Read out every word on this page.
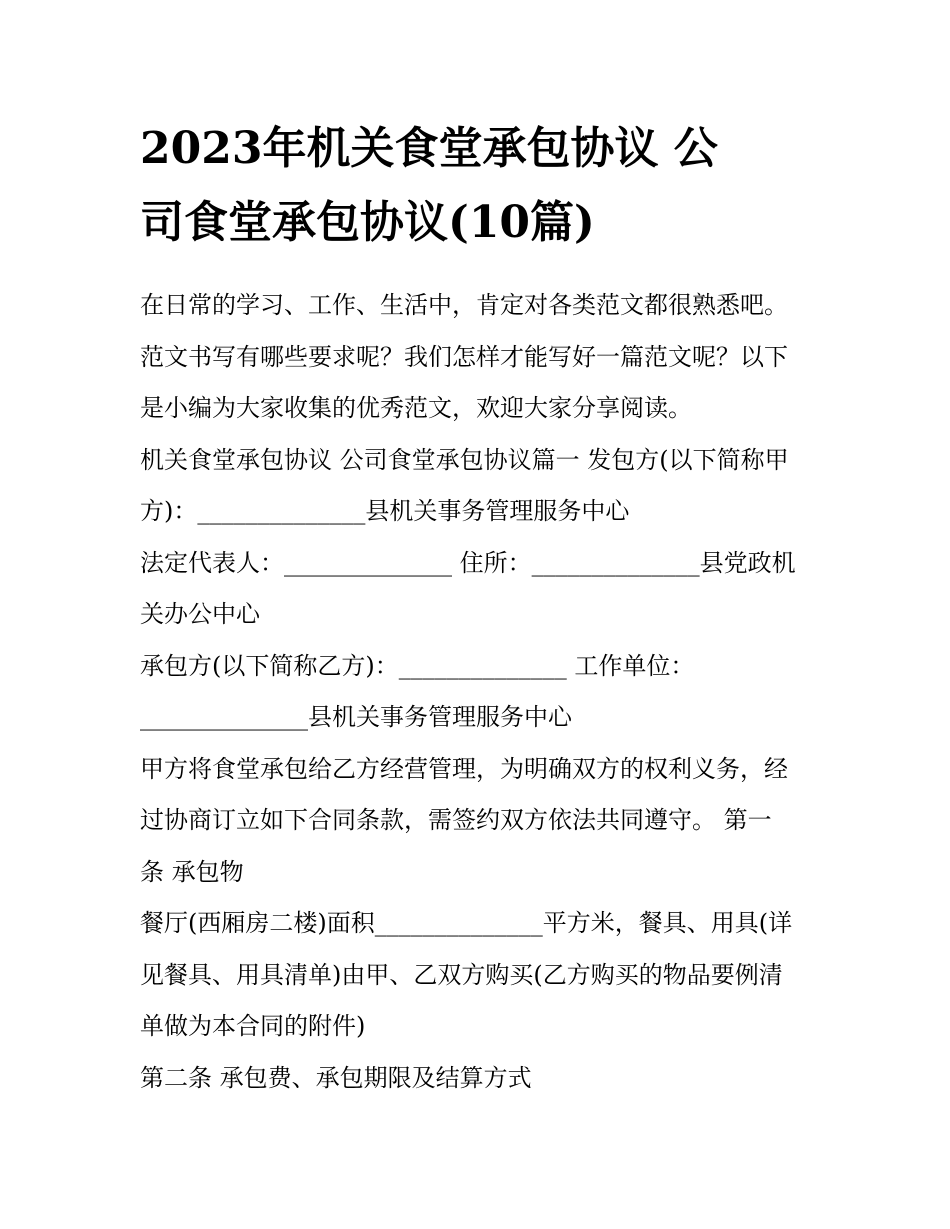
2023年机关食堂承包协议 公
司食堂承包协议(10篇)

在日常的学习、工作、生活中，肯定对各类范文都很熟悉吧。
范文书写有哪些要求呢？我们怎样才能写好一篇范文呢？以下
是小编为大家收集的优秀范文，欢迎大家分享阅读。

机关食堂承包协议 公司食堂承包协议篇一 发包方(以下简称甲
方)：______________县机关事务管理服务中心

法定代表人：______________ 住所：______________县党政机
关办公中心

承包方(以下简称乙方)：______________ 工作单位：
______________县机关事务管理服务中心

甲方将食堂承包给乙方经营管理，为明确双方的权利义务，经
过协商订立如下合同条款，需签约双方依法共同遵守。 第一
条 承包物

餐厅(西厢房二楼)面积______________平方米，餐具、用具(详
见餐具、用具清单)由甲、乙双方购买(乙方购买的物品要例清
单做为本合同的附件)

第二条 承包费、承包期限及结算方式
